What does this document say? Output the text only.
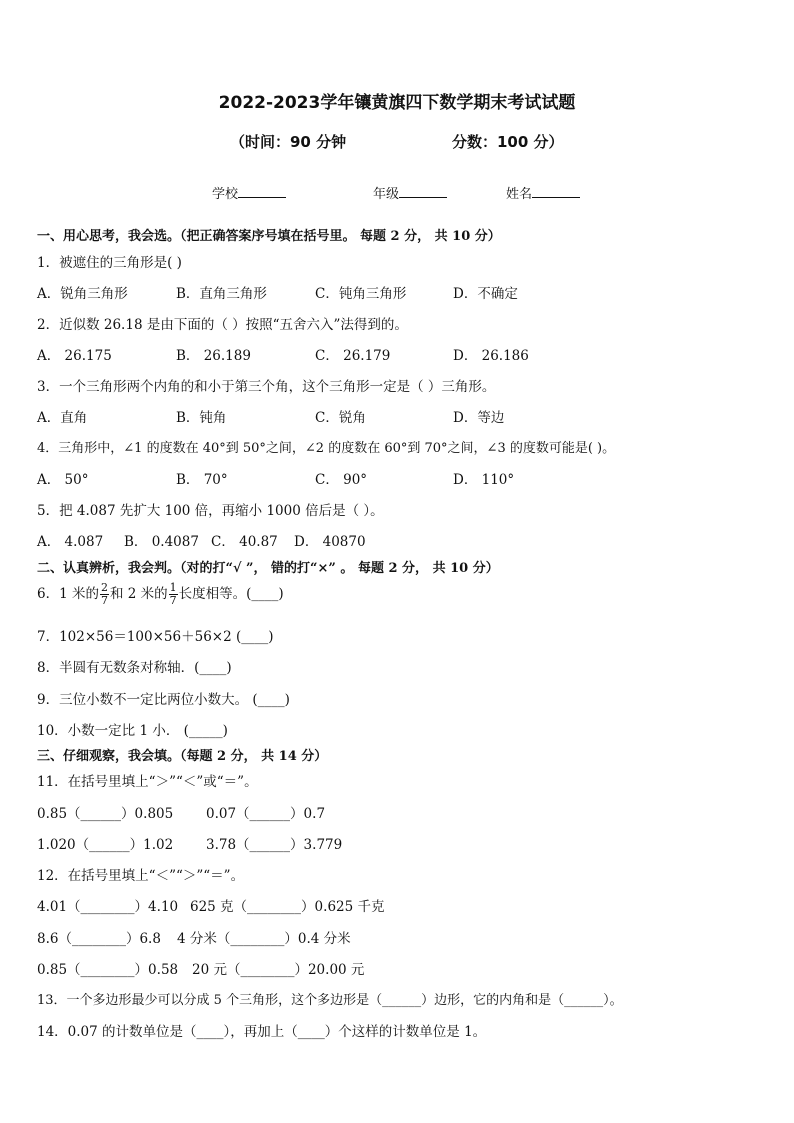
2022-2023学年镶黄旗四下数学期末考试试题
（时间：90 分钟	分数：100 分）
学校	年级	姓名
一、用心思考，我会选。（把正确答案序号填在括号里。 每题 2 分， 共 10 分）
1．被遮住的三角形是( )
A．锐角三角形	B．直角三角形	C．钝角三角形	D．不确定
2．近似数 26.18 是由下面的（ ）按照“五舍六入”法得到的。
A． 26.175	B． 26.189	C． 26.179	D． 26.186
3．一个三角形两个内角的和小于第三个角，这个三角形一定是（ ）三角形。
A．直角	B．钝角	C．锐角	D．等边
4．三角形中，∠1 的度数在 40°到 50°之间，∠2 的度数在 60°到 70°之间，∠3 的度数可能是( )。
A． 50°	B． 70°	C． 90°	D． 110°
5．把 4.087 先扩大 100 倍，再缩小 1000 倍后是（ ）。
A． 4.087 B． 0.4087 C． 40.87 D． 40870
二、认真辨析，我会判。（对的打“√ ”， 错的打“×” 。 每题 2 分， 共 10 分）
6．1 米的 $\frac{2}{7}$ 和 2 米的 $\frac{1}{7}$ 长度相等。(____)
7．102×56＝100×56＋56×2 (____)
8．半圆有无数条对称轴．(____)
9．三位小数不一定比两位小数大。 (____)
10．小数一定比 1 小． (_____)
三、仔细观察，我会填。（每题 2 分， 共 14 分）
11．在括号里填上“＞”“＜”或“＝”。
0.85（______）0.805 0.07（______）0.7
1.020（______）1.02 3.78（______）3.779
12．在括号里填上“＜”“＞”“＝”。
4.01（________）4.10 625 克（________）0.625 千克
8.6（________）6.8 4 分米（________）0.4 分米
0.85（________）0.58 20 元（________）20.00 元
13．一个多边形最少可以分成 5 个三角形，这个多边形是（______）边形，它的内角和是（______）。
14．0.07 的计数单位是（____），再加上（____）个这样的计数单位是 1。
